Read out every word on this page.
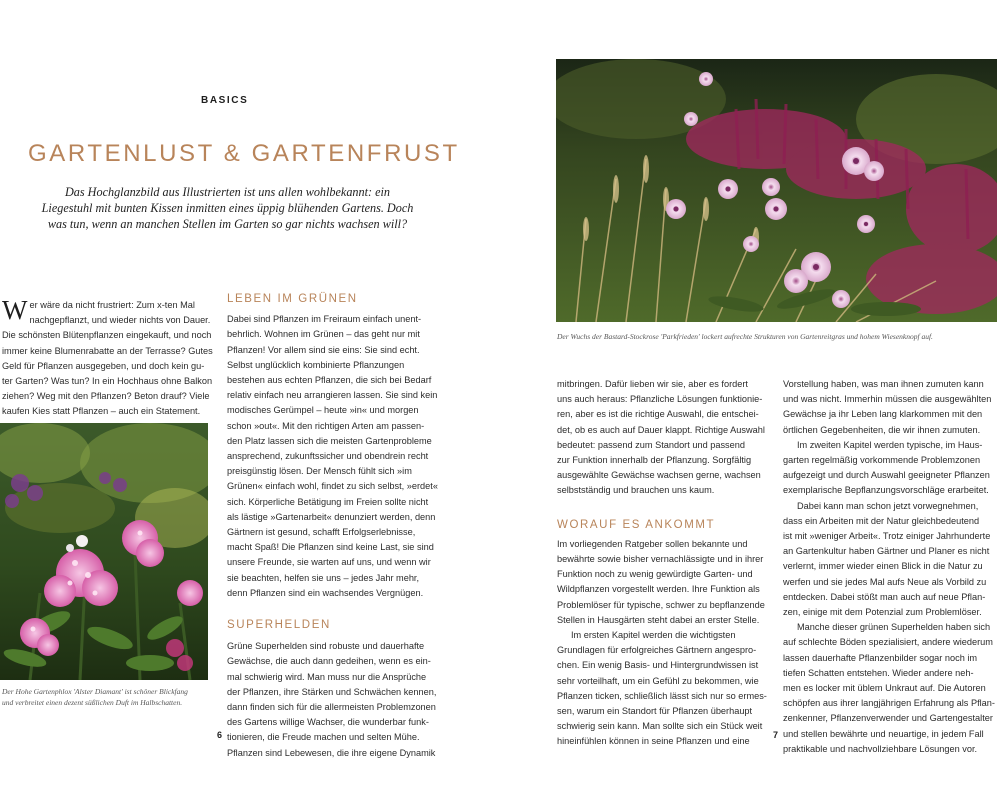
BASICS
GARTENLUST & GARTENFRUST
Das Hochglanzbild aus Illustrierten ist uns allen wohlbekannt: ein Liegestuhl mit bunten Kissen inmitten eines üppig blühenden Gartens. Doch was tun, wenn an manchen Stellen im Garten so gar nichts wachsen will?
W er wäre da nicht frustriert: Zum x-ten Mal
nachgepflanzt, und wieder nichts von Dauer.
Die schönsten Blütenpflanzen eingekauft, und noch
immer keine Blumenrabatte an der Terrasse? Gutes
Geld für Pflanzen ausgegeben, und doch kein gu-
ter Garten? Was tun? In ein Hochhaus ohne Balkon
ziehen? Weg mit den Pflanzen? Beton drauf? Viele
kaufen Kies statt Pflanzen – auch ein Statement.
Der Hohe Gartenphlox 'Alster Diamant' ist schöner Blickfang
und verbreitet einen dezent süßlichen Duft im Halbschatten.
LEBEN IM GRÜNEN
Dabei sind Pflanzen im Freiraum einfach unent-
behrlich. Wohnen im Grünen – das geht nur mit
Pflanzen! Vor allem sind sie eins: Sie sind echt.
Selbst unglücklich kombinierte Pflanzungen
bestehen aus echten Pflanzen, die sich bei Bedarf
relativ einfach neu arrangieren lassen. Sie sind kein
modisches Gerümpel – heute »in« und morgen
schon »out«. Mit den richtigen Arten am passen-
den Platz lassen sich die meisten Gartenprobleme
ansprechend, zukunftssicher und obendrein recht
preisgünstig lösen. Der Mensch fühlt sich »im
Grünen« einfach wohl, findet zu sich selbst, »erdet«
sich. Körperliche Betätigung im Freien sollte nicht
als lästige »Gartenarbeit« denunziert werden, denn
Gärtnern ist gesund, schafft Erfolgserlebnisse,
macht Spaß! Die Pflanzen sind keine Last, sie sind
unsere Freunde, sie warten auf uns, und wenn wir
sie beachten, helfen sie uns – jedes Jahr mehr,
denn Pflanzen sind ein wachsendes Vergnügen.
SUPERHELDEN
Grüne Superhelden sind robuste und dauerhafte
Gewächse, die auch dann gedeihen, wenn es ein-
mal schwierig wird. Man muss nur die Ansprüche
der Pflanzen, ihre Stärken und Schwächen kennen,
dann finden sich für die allermeisten Problemzonen
des Gartens willige Wachser, die wunderbar funk-
tionieren, die Freude machen und selten Mühe.
Pflanzen sind Lebewesen, die ihre eigene Dynamik
Der Wuchs der Bastard-Stockrose 'Parkfrieden' lockert aufrechte Strukturen von Gartenreitgras und hohem Wiesenknopf auf.
mitbringen. Dafür lieben wir sie, aber es fordert
uns auch heraus: Pflanzliche Lösungen funktionie-
ren, aber es ist die richtige Auswahl, die entschei-
det, ob es auch auf Dauer klappt. Richtige Auswahl
bedeutet: passend zum Standort und passend
zur Funktion innerhalb der Pflanzung. Sorgfältig
ausgewählte Gewächse wachsen gerne, wachsen
selbstständig und brauchen uns kaum.
WORAUF ES ANKOMMT
Im vorliegenden Ratgeber sollen bekannte und
bewährte sowie bisher vernachlässigte und in ihrer
Funktion noch zu wenig gewürdigte Garten- und
Wildpflanzen vorgestellt werden. Ihre Funktion als
Problemlöser für typische, schwer zu bepflanzende
Stellen in Hausgärten steht dabei an erster Stelle.
Im ersten Kapitel werden die wichtigsten
Grundlagen für erfolgreiches Gärtnern angespro-
chen. Ein wenig Basis- und Hintergrundwissen ist
sehr vorteilhaft, um ein Gefühl zu bekommen, wie
Pflanzen ticken, schließlich lässt sich nur so ermes-
sen, warum ein Standort für Pflanzen überhaupt
schwierig sein kann. Man sollte sich ein Stück weit
hineinfühlen können in seine Pflanzen und eine
Vorstellung haben, was man ihnen zumuten kann
und was nicht. Immerhin müssen die ausgewählten
Gewächse ja ihr Leben lang klarkommen mit den
örtlichen Gegebenheiten, die wir ihnen zumuten.
Im zweiten Kapitel werden typische, im Haus-
garten regelmäßig vorkommende Problemzonen
aufgezeigt und durch Auswahl geeigneter Pflanzen
exemplarische Bepflanzungsvorschläge erarbeitet.
Dabei kann man schon jetzt vorwegnehmen,
dass ein Arbeiten mit der Natur gleichbedeutend
ist mit »weniger Arbeit«. Trotz einiger Jahrhunderte
an Gartenkultur haben Gärtner und Planer es nicht
verlernt, immer wieder einen Blick in die Natur zu
werfen und sie jedes Mal aufs Neue als Vorbild zu
entdecken. Dabei stößt man auch auf neue Pflan-
zen, einige mit dem Potenzial zum Problemlöser.
Manche dieser grünen Superhelden haben sich
auf schlechte Böden spezialisiert, andere wiederum
lassen dauerhafte Pflanzenbilder sogar noch im
tiefen Schatten entstehen. Wieder andere neh-
men es locker mit üblem Unkraut auf. Die Autoren
schöpfen aus ihrer langjährigen Erfahrung als Pflan-
zenkenner, Pflanzenverwender und Gartengestalter
und stellen bewährte und neuartige, in jedem Fall
praktikable und nachvollziehbare Lösungen vor.
6	7
